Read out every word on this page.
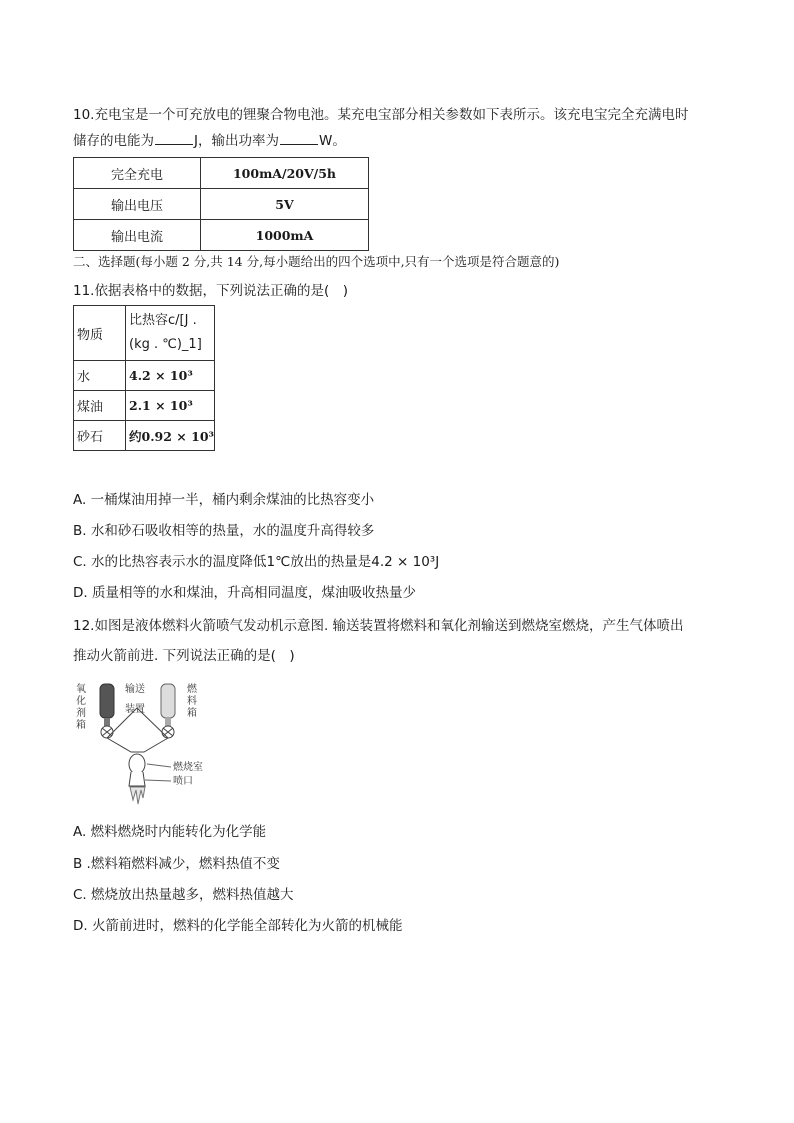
10.充电宝是一个可充放电的锂聚合物电池。某充电宝部分相关参数如下表所示。该充电宝完全充满电时
储存的电能为	J，输出功率为	W。
完全充电	100mA/20V/5h
输出电压	5V
输出电流	1000mA
二、选择题(每小题 2 分,共 14 分,每小题给出的四个选项中,只有一个选项是符合题意的)
11.依据表格中的数据，下列说法正确的是(　)
物质	比热容c/[J .
(kg . ℃)_1]

水	4.2 × 10³
煤油	2.1 × 10³
砂石	约0.92 × 10³
A. 一桶煤油用掉一半，桶内剩余煤油的比热容变小
B. 水和砂石吸收相等的热量，水的温度升高得较多
C. 水的比热容表示水的温度降低1℃放出的热量是4.2 × 10³J
D. 质量相等的水和煤油，升高相同温度，煤油吸收热量少
12.如图是液体燃料火箭喷气发动机示意图. 输送装置将燃料和氧化剂输送到燃烧室燃烧，产生气体喷出
推动火箭前进. 下列说法正确的是(　)
氧
化
剂
箱
输送
装置
燃
料
箱
燃烧室
喷口
A. 燃料燃烧时内能转化为化学能
B .燃料箱燃料减少，燃料热值不变
C. 燃烧放出热量越多，燃料热值越大
D. 火箭前进时，燃料的化学能全部转化为火箭的机械能
